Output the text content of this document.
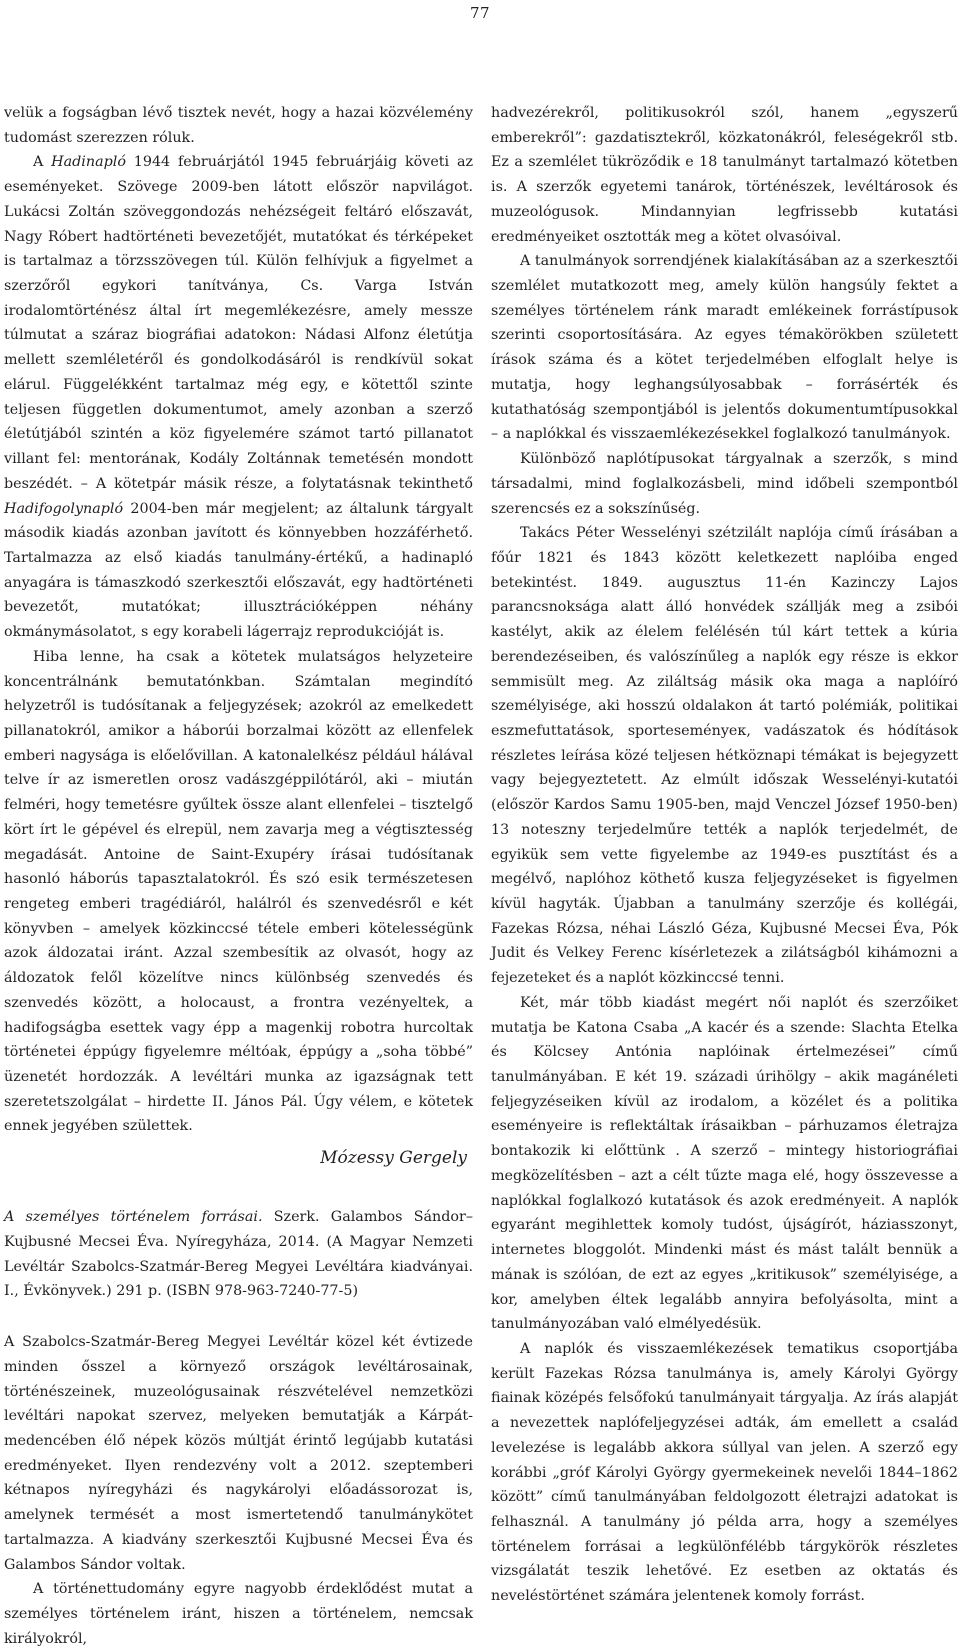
77

velük a fogságban lévő tisztek nevét, hogy a hazai közvélemény tudomást szerezzen róluk.

A Hadinapló 1944 februárjától 1945 februárjáig követi az eseményeket. Szövege 2009-ben látott először napvilágot. Lukácsi Zoltán szöveggondozás nehézségeit feltáró előszavát, Nagy Róbert hadtörténeti bevezetőjét, mutatókat és térképeket is tartalmaz a törzsszövegen túl. Külön felhívjuk a figyelmet a szerzőről egykori tanítványa, Cs. Varga István irodalomtörténész által írt megemlékezésre, amely messze túlmutat a száraz biográfiai adatokon: Nádasi Alfonz életútja mellett szemléletéről és gondolkodásáról is rendkívül sokat elárul. Függelékként tartalmaz még egy, e kötettől szinte teljesen független dokumentumot, amely azonban a szerző életútjából szintén a köz figyelemére számot tartó pillanatot villant fel: mentorának, Kodály Zoltánnak temetésén mondott beszédét. – A kötetpár másik része, a folytatásnak tekinthető Hadifogolynapló 2004-ben már megjelent; az általunk tárgyalt második kiadás azonban javított és könnyebben hozzáférhető. Tartalmazza az első kiadás tanulmány-értékű, a hadinapló anyagára is támaszkodó szerkesztői előszavát, egy hadtörténeti bevezetőt, mutatókat; illusztrációképpen néhány okmánymásolatot, s egy korabeli lágerrajz reprodukcióját is.

Hiba lenne, ha csak a kötetek mulatságos helyzeteire koncentrálnánk bemutatónkban. Számtalan megindító helyzetről is tudósítanak a feljegyzések; azokról az emelkedett pillanatokról, amikor a háborúi borzalmai között az ellenfelek emberi nagysága is előelővillan. A katonalelkész például hálával telve ír az ismeretlen orosz vadászgéppilótáról, aki – miután felméri, hogy temetésre gyűltek össze alant ellenfelei – tisztelgő kört írt le gépével és elrepül, nem zavarja meg a végtisztesség megadását. Antoine de Saint-Exupéry írásai tudósítanak hasonló háborús tapasztalatokról. És szó esik természetesen rengeteg emberi tragédiáról, halálról és szenvedésről e két könyvben – amelyek közkinccsé tétele emberi kötelességünk azok áldozatai iránt. Azzal szembesítik az olvasót, hogy az áldozatok felől közelítve nincs különbség szenvedés és szenvedés között, a holocaust, a frontra vezényeltek, a hadifogságba esettek vagy épp a magenkij robotra hurcoltak történetei éppúgy figyelemre méltóak, éppúgy a „soha többé” üzenetét hordozzák. A levéltári munka az igazságnak tett szeretetszolgálat – hirdette II. János Pál. Úgy vélem, e kötetek ennek jegyében születtek.

Mózessy Gergely

A személyes történelem forrásai. Szerk. Galambos Sándor–Kujbusné Mecsei Éva. Nyíregyháza, 2014. (A Magyar Nemzeti Levéltár Szabolcs-Szatmár-Bereg Megyei Levéltára kiadványai. I., Évkönyvek.) 291 p. (ISBN 978-963-7240-77-5)

A Szabolcs-Szatmár-Bereg Megyei Levéltár közel két évtizede minden ősszel a környező országok levéltárosainak, történészeinek, muzeológusainak részvételével nemzetközi levéltári napokat szervez, melyeken bemutatják a Kárpát-medencében élő népek közös múltját érintő legújabb kutatási eredményeket. Ilyen rendezvény volt a 2012. szeptemberi kétnapos nyíregyházi és nagykárolyi előadássorozat is, amelynek termését a most ismertetendő tanulmánykötet tartalmazza. A kiadvány szerkesztői Kujbusné Mecsei Éva és Galambos Sándor voltak.

A történettudomány egyre nagyobb érdeklődést mutat a személyes történelem iránt, hiszen a történelem, nemcsak királyokról,

hadvezérekről, politikusokról szól, hanem „egyszerű emberekről”: gazdatisztekről, közkatonákról, feleségekről stb. Ez a szemlélet tükröződik e 18 tanulmányt tartalmazó kötetben is. A szerzők egyetemi tanárok, történészek, levéltárosok és muzeológusok. Mindannyian legfrissebb kutatási eredményeiket osztották meg a kötet olvasóival.

A tanulmányok sorrendjének kialakításában az a szerkesztői szemlélet mutatkozott meg, amely külön hangsúly fektet a személyes történelem ránk maradt emlékeinek forrástípusok szerinti csoportosítására. Az egyes témakörökben született írások száma és a kötet terjedelmében elfoglalt helye is mutatja, hogy leghangsúlyosabbak – forrásérték és kutathatóság szempontjából is jelentős dokumentumtípusokkal – a naplókkal és visszaemlékezésekkel foglalkozó tanulmányok.

Különböző naplótípusokat tárgyalnak a szerzők, s mind társadalmi, mind foglalkozásbeli, mind időbeli szempontból szerencsés ez a sokszínűség.

Takács Péter Wesselényi szétzilált naplója című írásában a főúr 1821 és 1843 között keletkezett naplóiba enged betekintést. 1849. augusztus 11-én Kazinczy Lajos parancsnoksága alatt álló honvédek szállják meg a zsibói kastélyt, akik az élelem felélésén túl kárt tettek a kúria berendezéseiben, és valószínűleg a naplók egy része is ekkor semmisült meg. Az ziláltság másik oka maga a naplóíró személyisége, aki hosszú oldalakon át tartó polémiák, politikai eszmefuttatások, sporteseményeк, vadászatok és hódítások részletes leírása közé teljesen hétköznapi témákat is bejegyzett vagy bejegyeztetett. Az elmúlt időszak Wesselényi-kutatói (először Kardos Samu 1905-ben, majd Venczel József 1950-ben) 13 noteszny terjedelműre tették a naplók terjedelmét, de egyikük sem vette figyelembe az 1949-es pusztítást és a megélvő, naplóhoz köthető kusza feljegyzéseket is figyelmen kívül hagyták. Újabban a tanulmány szerzője és kollégái, Fazekas Rózsa, néhai László Géza, Kujbusné Mecsei Éva, Pók Judit és Velkey Ferenc kísérletezek a zilátságból kihámozni a fejezeteket és a naplót közkinccsé tenni.

Két, már több kiadást megért női naplót és szerzőiket mutatja be Katona Csaba „A kacér és a szende: Slachta Etelka és Kölcsey Antónia naplóinak értelmezései” című tanulmányában. E két 19. századi úrihölgy – akik magánéleti feljegyzéseiken kívül az irodalom, a közélet és a politika eseményeire is reflektáltak írásaikban – párhuzamos életrajza bontakozik ki előttünk . A szerző – mintegy historiográfiai megközelítésben – azt a célt tűzte maga elé, hogy összevesse a naplókkal foglalkozó kutatások és azok eredményeit. A naplók egyaránt megihlettek komoly tudóst, újságírót, háziasszonyt, internetes bloggolót. Mindenki mást és mást talált bennük a mának is szólóan, de ezt az egyes „kritikusok” személyisége, a kor, amelyben éltek legalább annyira befolyásolta, mint a tanulmányozában való elmélyedésük.

A naplók és visszaemlékezések tematikus csoportjába került Fazekas Rózsa tanulmánya is, amely Károlyi György fiainak középés felsőfokú tanulmányait tárgyalja. Az írás alapját a nevezettek naplófeljegyzései adták, ám emellett a család levelezése is legalább akkora súllyal van jelen. A szerző egy korábbi „gróf Károlyi György gyermekeinek nevelői 1844–1862 között” című tanulmányában feldolgozott életrajzi adatokat is felhasznál. A tanulmány jó példa arra, hogy a személyes történelem forrásai a legkülönfélébb tárgykörök részletes vizsgálatát teszik lehetővé. Ez esetben az oktatás és neveléstörténet számára jelentenek komoly forrást.
